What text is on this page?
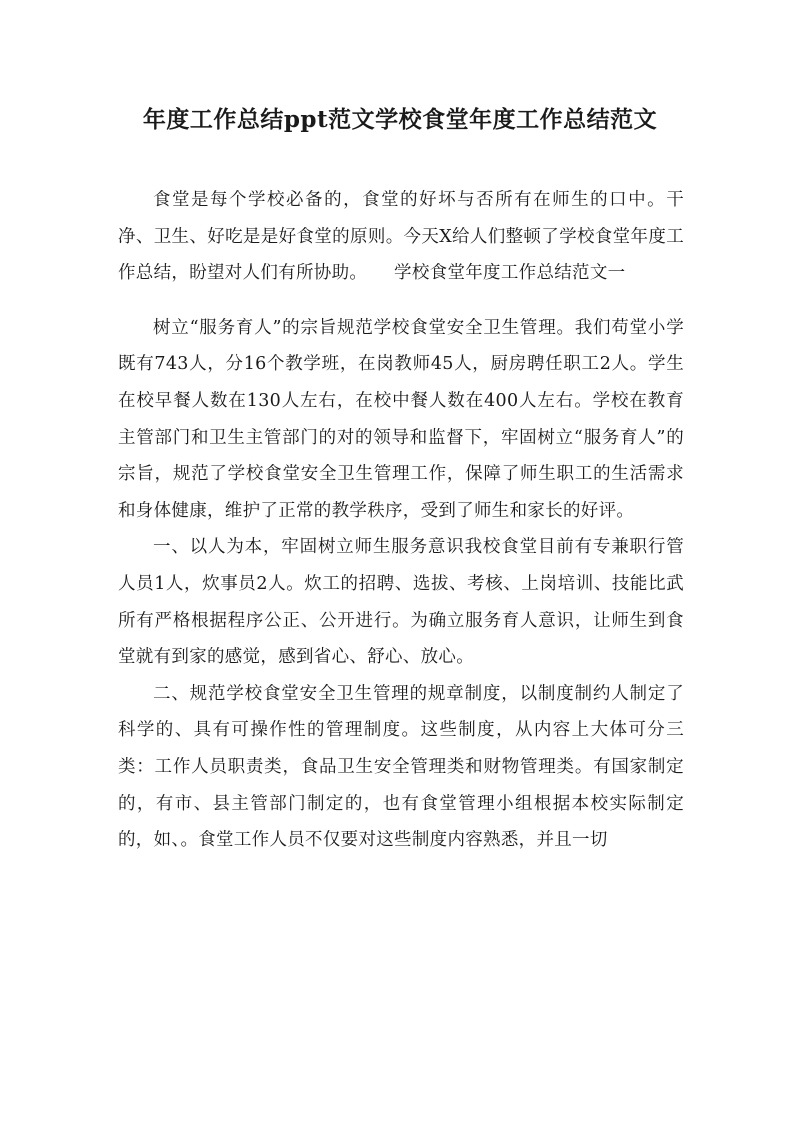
年度工作总结ppt范文学校食堂年度工作总结范文

食堂是每个学校必备的，食堂的好坏与否所有在师生的口中。干净、卫生、好吃是是好食堂的原则。今天X给人们整顿了学校食堂年度工作总结，盼望对人们有所协助。　　学校食堂年度工作总结范文一

树立“服务育人”的宗旨规范学校食堂安全卫生管理。我们苟堂小学既有743人，分16个教学班，在岗教师45人，厨房聘任职工2人。学生在校早餐人数在130人左右，在校中餐人数在400人左右。学校在教育主管部门和卫生主管部门的对的领导和监督下，牢固树立“服务育人”的宗旨，规范了学校食堂安全卫生管理工作，保障了师生职工的生活需求和身体健康，维护了正常的教学秩序，受到了师生和家长的好评。

一、以人为本，牢固树立师生服务意识我校食堂目前有专兼职行管人员1人，炊事员2人。炊工的招聘、选拔、考核、上岗培训、技能比武所有严格根据程序公正、公开进行。为确立服务育人意识，让师生到食堂就有到家的感觉，感到省心、舒心、放心。

二、规范学校食堂安全卫生管理的规章制度，以制度制约人制定了科学的、具有可操作性的管理制度。这些制度，从内容上大体可分三类：工作人员职责类，食品卫生安全管理类和财物管理类。有国家制定的，有市、县主管部门制定的，也有食堂管理小组根据本校实际制定的，如、。食堂工作人员不仅要对这些制度内容熟悉，并且一切
